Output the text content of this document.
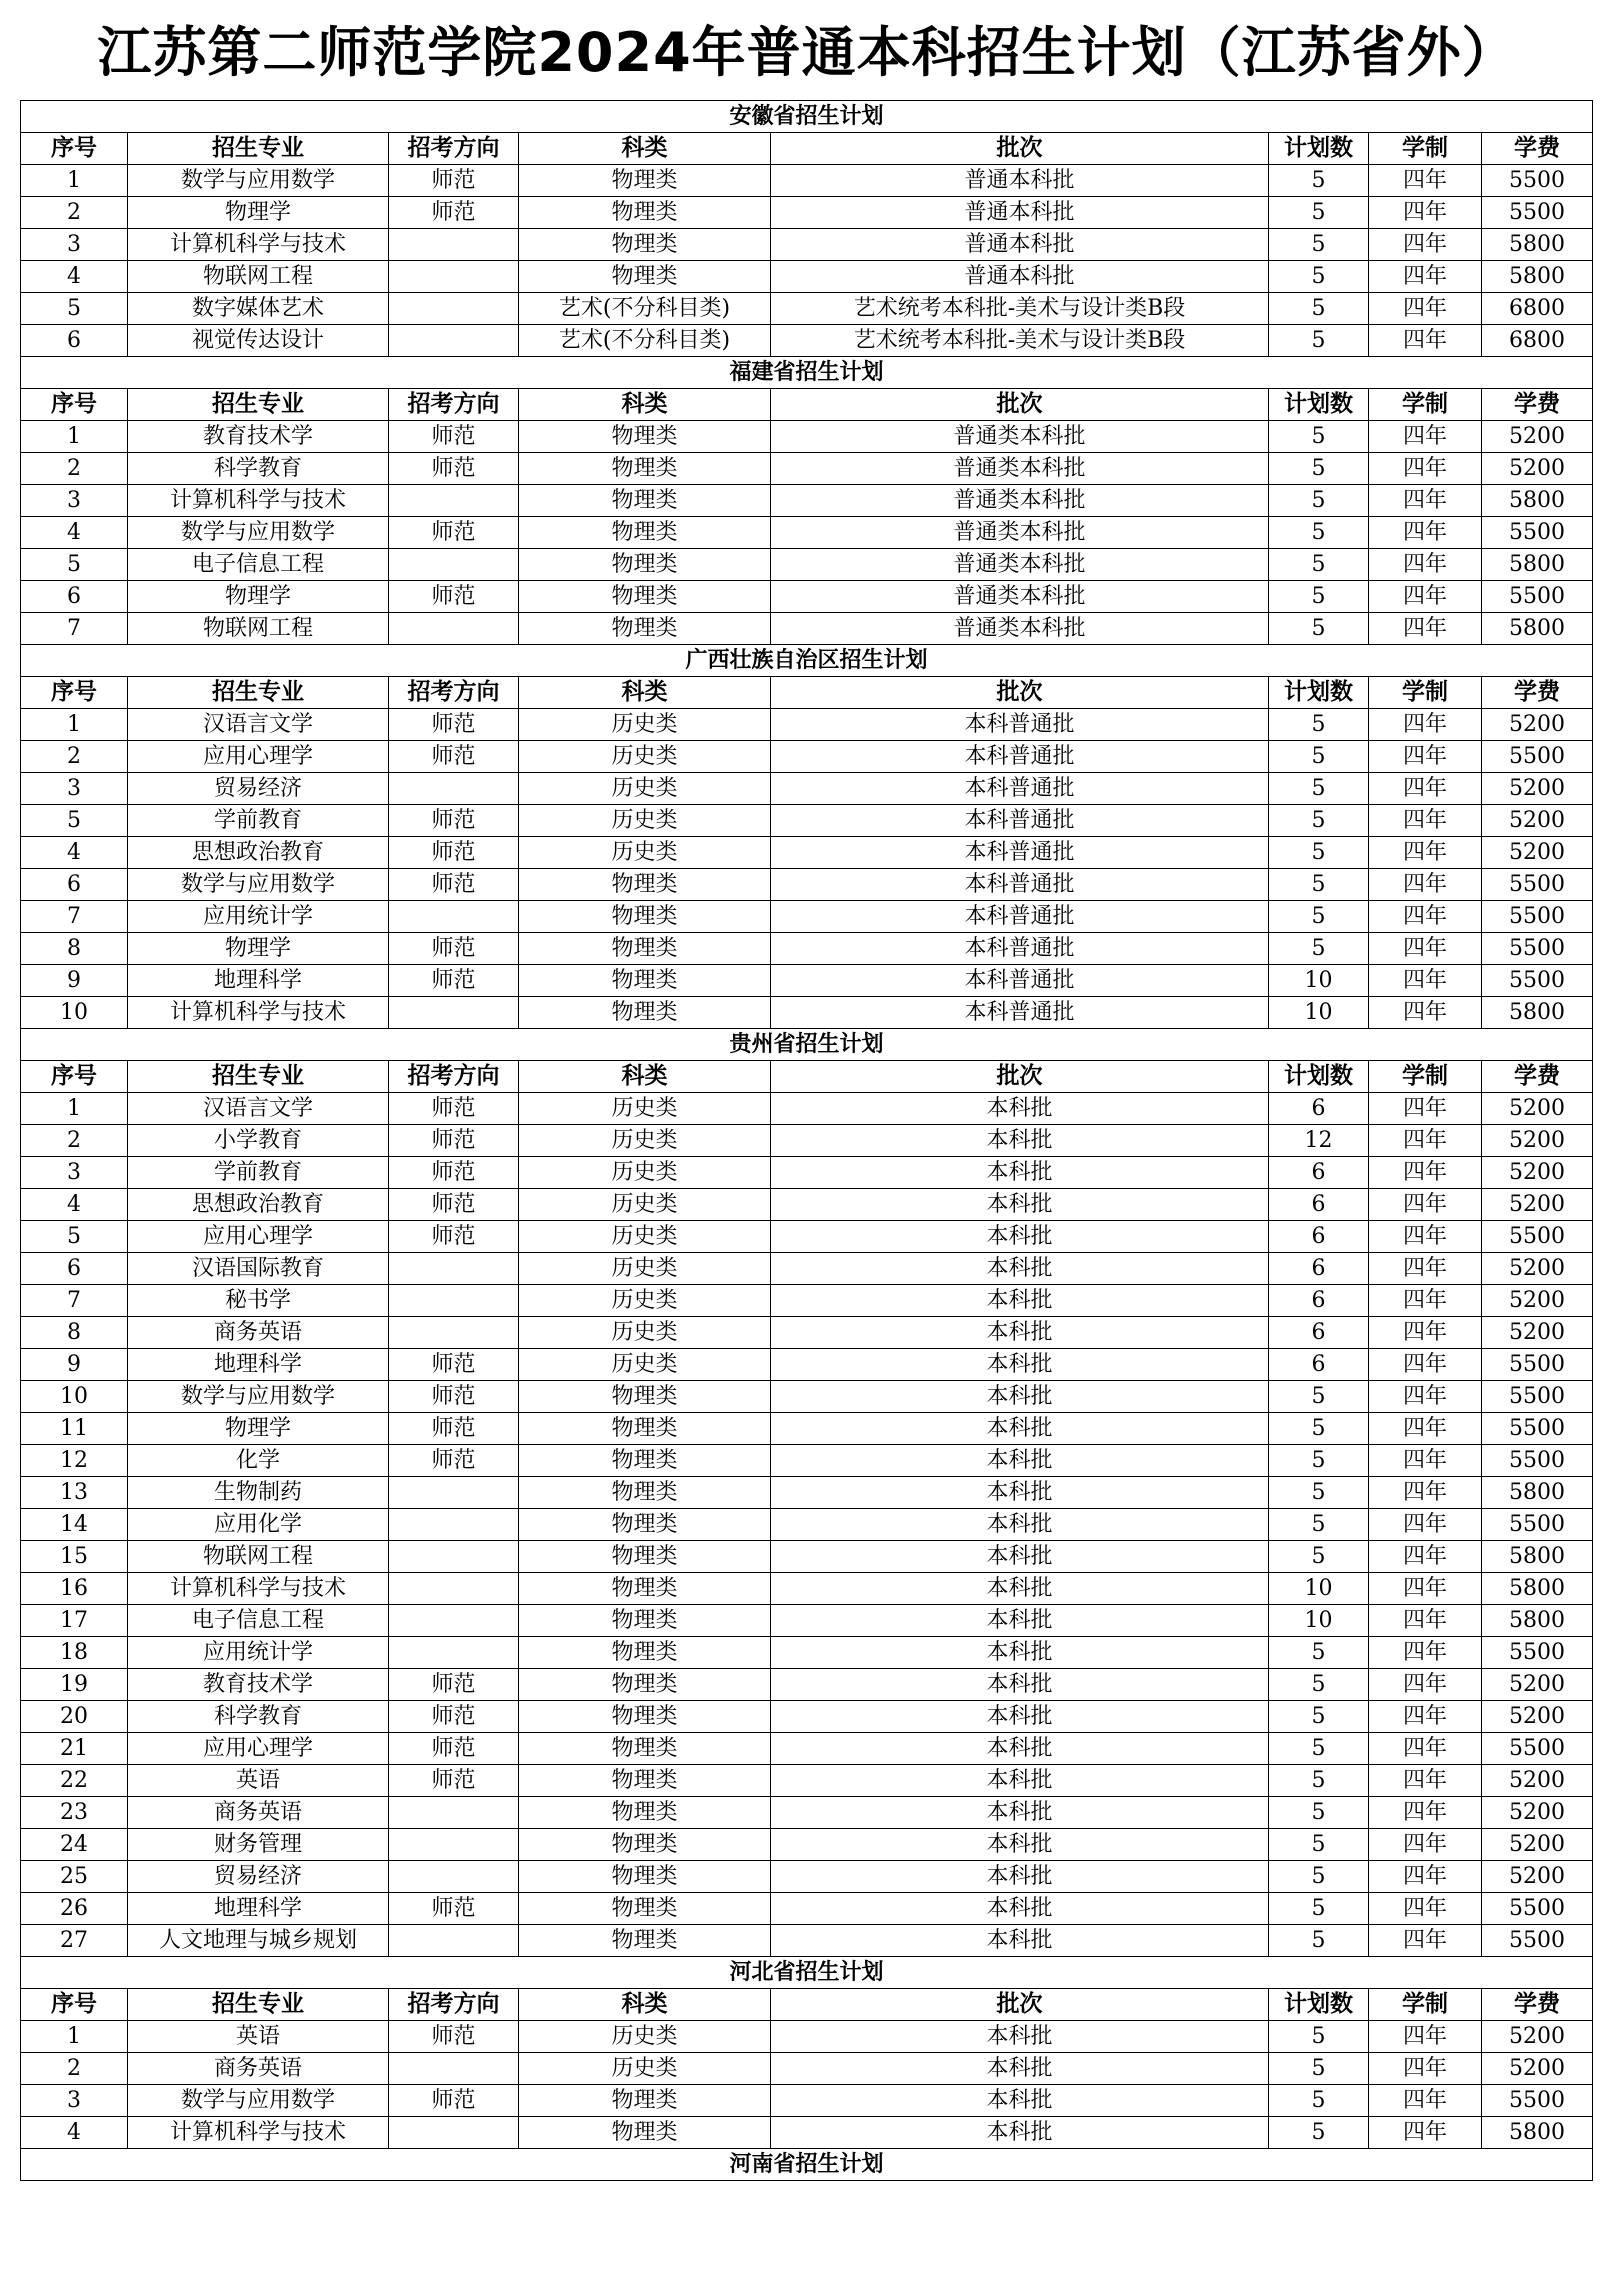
江苏第二师范学院2024年普通本科招生计划（江苏省外）
安徽省招生计划							
序号	招生专业	招考方向	科类	批次	计划数	学制	学费
1	数学与应用数学	师范	物理类	普通本科批	5	四年	5500
2	物理学	师范	物理类	普通本科批	5	四年	5500
3	计算机科学与技术		物理类	普通本科批	5	四年	5800
4	物联网工程		物理类	普通本科批	5	四年	5800
5	数字媒体艺术		艺术(不分科目类)	艺术统考本科批-美术与设计类B段	5	四年	6800
6	视觉传达设计		艺术(不分科目类)	艺术统考本科批-美术与设计类B段	5	四年	6800
福建省招生计划							
序号	招生专业	招考方向	科类	批次	计划数	学制	学费
1	教育技术学	师范	物理类	普通类本科批	5	四年	5200
2	科学教育	师范	物理类	普通类本科批	5	四年	5200
3	计算机科学与技术		物理类	普通类本科批	5	四年	5800
4	数学与应用数学	师范	物理类	普通类本科批	5	四年	5500
5	电子信息工程		物理类	普通类本科批	5	四年	5800
6	物理学	师范	物理类	普通类本科批	5	四年	5500
7	物联网工程		物理类	普通类本科批	5	四年	5800
广西壮族自治区招生计划							
序号	招生专业	招考方向	科类	批次	计划数	学制	学费
1	汉语言文学	师范	历史类	本科普通批	5	四年	5200
2	应用心理学	师范	历史类	本科普通批	5	四年	5500
3	贸易经济		历史类	本科普通批	5	四年	5200
5	学前教育	师范	历史类	本科普通批	5	四年	5200
4	思想政治教育	师范	历史类	本科普通批	5	四年	5200
6	数学与应用数学	师范	物理类	本科普通批	5	四年	5500
7	应用统计学		物理类	本科普通批	5	四年	5500
8	物理学	师范	物理类	本科普通批	5	四年	5500
9	地理科学	师范	物理类	本科普通批	10	四年	5500
10	计算机科学与技术		物理类	本科普通批	10	四年	5800
贵州省招生计划							
序号	招生专业	招考方向	科类	批次	计划数	学制	学费
1	汉语言文学	师范	历史类	本科批	6	四年	5200
2	小学教育	师范	历史类	本科批	12	四年	5200
3	学前教育	师范	历史类	本科批	6	四年	5200
4	思想政治教育	师范	历史类	本科批	6	四年	5200
5	应用心理学	师范	历史类	本科批	6	四年	5500
6	汉语国际教育		历史类	本科批	6	四年	5200
7	秘书学		历史类	本科批	6	四年	5200
8	商务英语		历史类	本科批	6	四年	5200
9	地理科学	师范	历史类	本科批	6	四年	5500
10	数学与应用数学	师范	物理类	本科批	5	四年	5500
11	物理学	师范	物理类	本科批	5	四年	5500
12	化学	师范	物理类	本科批	5	四年	5500
13	生物制药		物理类	本科批	5	四年	5800
14	应用化学		物理类	本科批	5	四年	5500
15	物联网工程		物理类	本科批	5	四年	5800
16	计算机科学与技术		物理类	本科批	10	四年	5800
17	电子信息工程		物理类	本科批	10	四年	5800
18	应用统计学		物理类	本科批	5	四年	5500
19	教育技术学	师范	物理类	本科批	5	四年	5200
20	科学教育	师范	物理类	本科批	5	四年	5200
21	应用心理学	师范	物理类	本科批	5	四年	5500
22	英语	师范	物理类	本科批	5	四年	5200
23	商务英语		物理类	本科批	5	四年	5200
24	财务管理		物理类	本科批	5	四年	5200
25	贸易经济		物理类	本科批	5	四年	5200
26	地理科学	师范	物理类	本科批	5	四年	5500
27	人文地理与城乡规划		物理类	本科批	5	四年	5500
河北省招生计划							
序号	招生专业	招考方向	科类	批次	计划数	学制	学费
1	英语	师范	历史类	本科批	5	四年	5200
2	商务英语		历史类	本科批	5	四年	5200
3	数学与应用数学	师范	物理类	本科批	5	四年	5500
4	计算机科学与技术		物理类	本科批	5	四年	5800
河南省招生计划							
